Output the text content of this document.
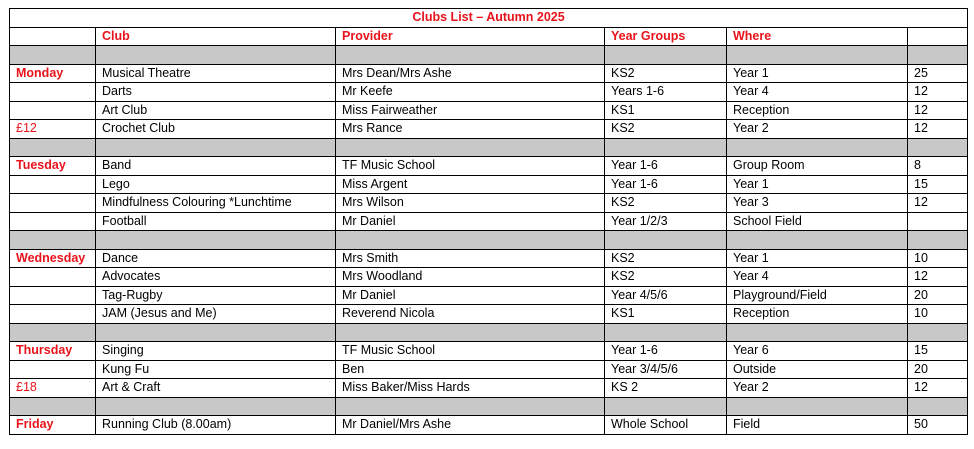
Clubs List – Autumn 2025					
	Club	Provider	Year Groups	Where	

Monday	Musical Theatre	Mrs Dean/Mrs Ashe	KS2	Year 1	25
	Darts	Mr Keefe	Years 1-6	Year 4	12
	Art Club	Miss Fairweather	KS1	Reception	12
£12	Crochet Club	Mrs Rance	KS2	Year 2	12

Tuesday	Band	TF Music School	Year 1-6	Group Room	8
	Lego	Miss Argent	Year 1-6	Year 1	15
	Mindfulness Colouring *Lunchtime	Mrs Wilson	KS2	Year 3	12
	Football	Mr Daniel	Year 1/2/3	School Field	

Wednesday	Dance	Mrs Smith	KS2	Year 1	10
	Advocates	Mrs Woodland	KS2	Year 4	12
	Tag-Rugby	Mr Daniel	Year 4/5/6	Playground/Field	20
	JAM (Jesus and Me)	Reverend Nicola	KS1	Reception	10

Thursday	Singing	TF Music School	Year 1-6	Year 6	15
	Kung Fu	Ben	Year 3/4/5/6	Outside	20
£18	Art & Craft	Miss Baker/Miss Hards	KS 2	Year 2	12

Friday	Running Club (8.00am)	Mr Daniel/Mrs Ashe	Whole School	Field	50
